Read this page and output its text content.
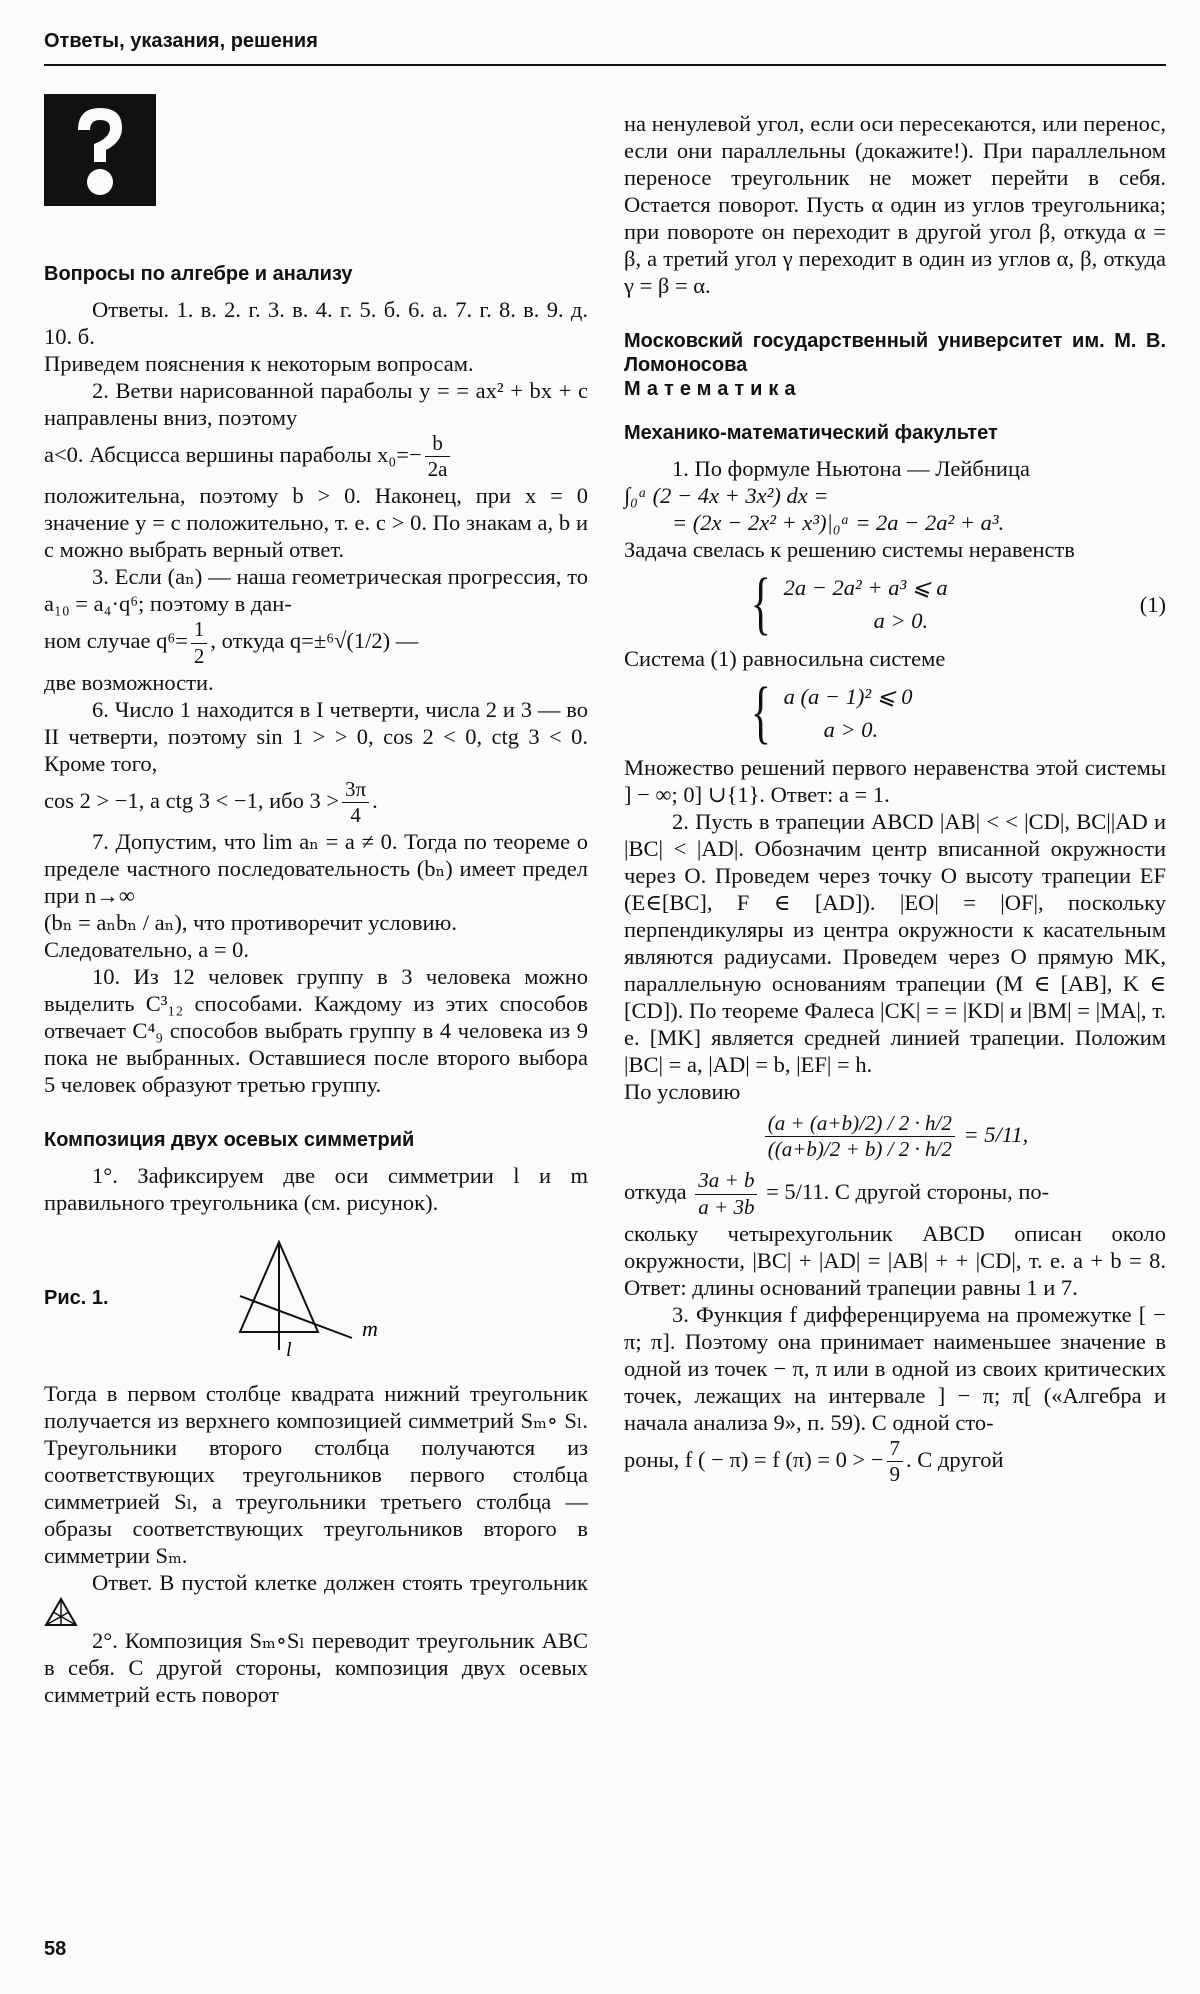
Ответы, указания, решения

Вопросы по алгебре и анализу

Ответы. 1. в. 2. г. 3. в. 4. г. 5. б. 6. а. 7. г. 8. в. 9. д. 10. б.

Приведем пояснения к некоторым вопросам.

2. Ветви нарисованной параболы y = = ax² + bx + c направлены вниз, поэтому

a<0. Абсцисса вершины параболы $x_0=- \frac{b}{2a}$

положительна, поэтому b > 0. Наконец, при x = 0 значение y = c положительно, т. е. c > 0. По знакам a, b и c можно выбрать верный ответ.

3. Если (aₙ) — наша геометрическая прогрессия, то a₁₀ = a₄·q⁶; поэтому в дан-

ном случае $q^6= \frac{1}{2}$ , откуда q=±⁶√(1/2) —

две возможности.

6. Число 1 находится в I четверти, числа 2 и 3 — во II четверти, поэтому sin 1 > > 0, cos 2 < 0, ctg 3 < 0. Кроме того,

cos 2 > −1, а ctg 3 < −1, ибо $3 > \frac{3\pi}{4}$ .

7. Допустим, что lim aₙ = a ≠ 0. Тогда по теореме о пределе частного последовательность (bₙ) имеет предел при n→∞

(bₙ = aₙbₙ / aₙ), что противоречит условию.

Следовательно, a = 0.

10. Из 12 человек группу в 3 человека можно выделить C³₁₂ способами. Каждому из этих способов отвечает C⁴₉ способов выбрать группу в 4 человека из 9 пока не выбранных. Оставшиеся после второго выбора 5 человек образуют третью группу.

Композиция двух осевых симметрий

1°. Зафиксируем две оси симметрии l и m правильного треугольника (см. рисунок).

Рис. 1.
l
m

Тогда в первом столбце квадрата нижний треугольник получается из верхнего композицией симметрий Sₘ∘ Sₗ. Треугольники второго столбца получаются из соответствующих треугольников первого столбца симметрией Sₗ, а треугольники третьего столбца — образы соответствующих треугольников второго в симметрии Sₘ.

Ответ. В пустой клетке должен стоять треугольник

2°. Композиция Sₘ∘Sₗ переводит треугольник ABC в себя. С другой стороны, композиция двух осевых симметрий есть поворот

на ненулевой угол, если оси пересекаются, или перенос, если они параллельны (докажите!). При параллельном переносе треугольник не может перейти в себя. Остается поворот. Пусть α один из углов треугольника; при повороте он переходит в другой угол β, откуда α = β, а третий угол γ переходит в один из углов α, β, откуда γ = β = α.

Московский государственный университет им. М. В. Ломоносова

Математика

Механико-математический факультет

1. По формуле Ньютона — Лейбница

∫₀ᵃ (2 − 4x + 3x²) dx =

= (2x − 2x² + x³)|₀ᵃ = 2a − 2a² + a³.

Задача свелась к решению системы неравенств

{ 2a − 2a² + a³ ⩽ a
a > 0.
(1)

Система (1) равносильна системе

{ a (a − 1)² ⩽ 0
a > 0.

Множество решений первого неравенства этой системы ] − ∞; 0] ∪{1}. Ответ: a = 1.

2. Пусть в трапеции ABCD |AB| < < |CD|, BC||AD и |BC| < |AD|. Обозначим центр вписанной окружности через O. Проведем через точку O высоту трапеции EF (E∈[BC], F ∈ [AD]). |EO| = |OF|, поскольку перпендикуляры из центра окружности к касательным являются радиусами. Проведем через O прямую MK, параллельную основаниям трапеции (M ∈ [AB], K ∈ [CD]). По теореме Фалеса |CK| = = |KD| и |BM| = |MA|, т. е. [MK] является средней линией трапеции. Положим |BC| = a, |AD| = b, |EF| = h.

По условию

$\frac{(a + (a+b)/2) / 2 \cdot h/2}{((a+b)/2 + b) / 2 \cdot h/2} = 5/11$,

откуда $\frac{3a + b}{a + 3b} = 5/11$. С другой стороны, по-

скольку четырехугольник ABCD описан около окружности, |BC| + |AD| = |AB| + + |CD|, т. е. a + b = 8. Ответ: длины оснований трапеции равны 1 и 7.

3. Функция f дифференцируема на промежутке [ − π; π]. Поэтому она принимает наименьшее значение в одной из точек − π, π или в одной из своих критических точек, лежащих на интервале ] − π; π[ («Алгебра и начала анализа 9», п. 59). С одной сто-

роны, f ( − π) = f (π) = 0 > − $\frac{7}{9}$ . С другой

58
